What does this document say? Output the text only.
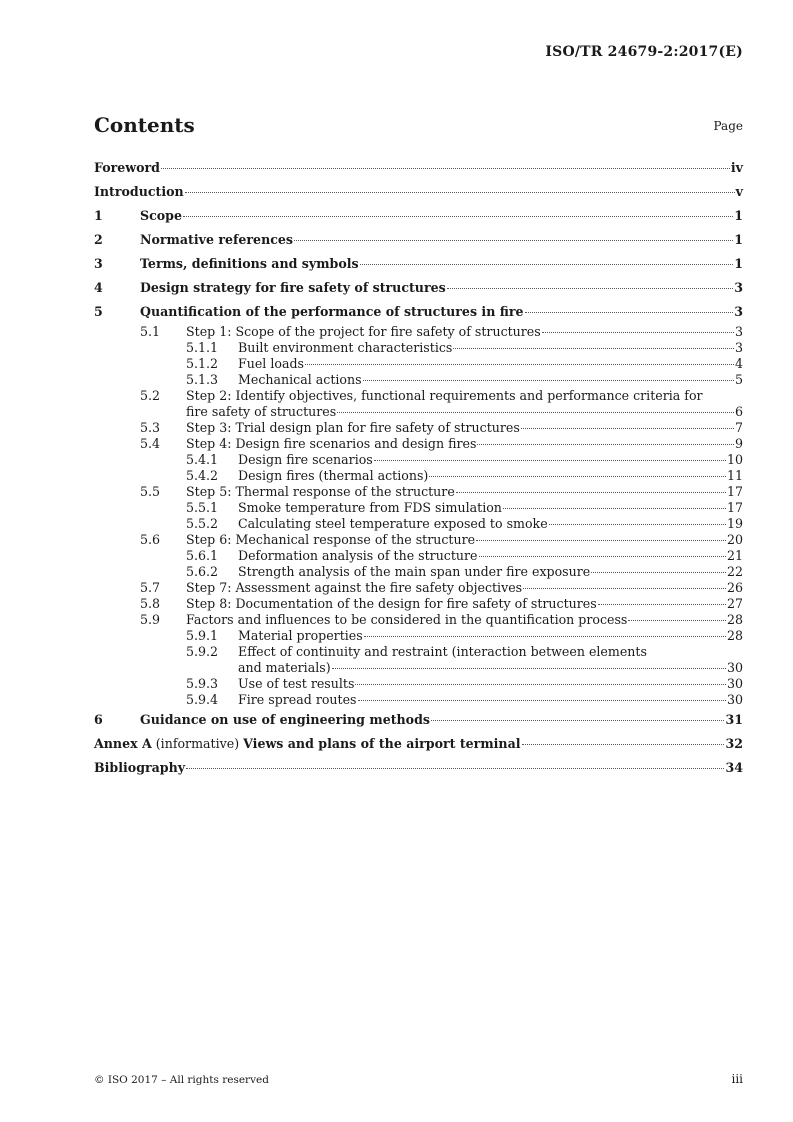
ISO/TR 24679-2:2017(E)
Contents	Page
Foreword	iv
Introduction	v
1	Scope	1
2	Normative references	1
3	Terms, definitions and symbols	1
4	Design strategy for fire safety of structures	3
5	Quantification of the performance of structures in fire	3
5.1	Step 1: Scope of the project for fire safety of structures	3
5.1.1	Built environment characteristics	3
5.1.2	Fuel loads	4
5.1.3	Mechanical actions	5
5.2	Step 2: Identify objectives, functional requirements and performance criteria for
fire safety of structures	6
5.3	Step 3: Trial design plan for fire safety of structures	7
5.4	Step 4: Design fire scenarios and design fires	9
5.4.1	Design fire scenarios	10
5.4.2	Design fires (thermal actions)	11
5.5	Step 5: Thermal response of the structure	17
5.5.1	Smoke temperature from FDS simulation	17
5.5.2	Calculating steel temperature exposed to smoke	19
5.6	Step 6: Mechanical response of the structure	20
5.6.1	Deformation analysis of the structure	21
5.6.2	Strength analysis of the main span under fire exposure	22
5.7	Step 7: Assessment against the fire safety objectives	26
5.8	Step 8: Documentation of the design for fire safety of structures	27
5.9	Factors and influences to be considered in the quantification process	28
5.9.1	Material properties	28
5.9.2	Effect of continuity and restraint (interaction between elements
and materials)	30
5.9.3	Use of test results	30
5.9.4	Fire spread routes	30
6	Guidance on use of engineering methods	31
Annex A (informative) Views and plans of the airport terminal	32
Bibliography	34
© ISO 2017 – All rights reserved	iii
